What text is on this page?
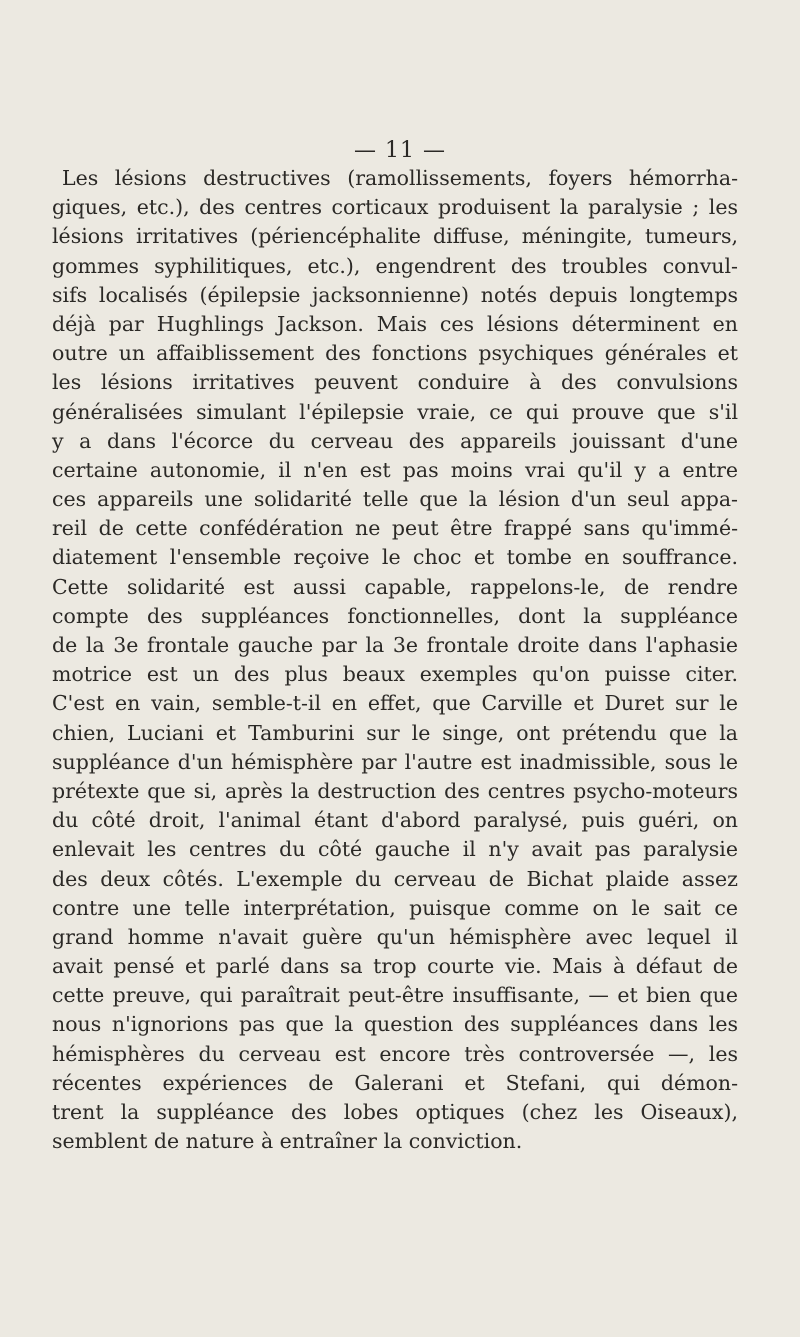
— 11 —
Les lésions destructives (ramollissements, foyers hémorrha-
giques, etc.), des centres corticaux produisent la paralysie ; les
lésions irritatives (périencéphalite diffuse, méningite, tumeurs,
gommes syphilitiques, etc.), engendrent des troubles convul-
sifs localisés (épilepsie jacksonnienne) notés depuis longtemps
déjà par Hughlings Jackson. Mais ces lésions déterminent en
outre un affaiblissement des fonctions psychiques générales et
les lésions irritatives peuvent conduire à des convulsions
généralisées simulant l'épilepsie vraie, ce qui prouve que s'il
y a dans l'écorce du cerveau des appareils jouissant d'une
certaine autonomie, il n'en est pas moins vrai qu'il y a entre
ces appareils une solidarité telle que la lésion d'un seul appa-
reil de cette confédération ne peut être frappé sans qu'immé-
diatement l'ensemble reçoive le choc et tombe en souffrance.
Cette solidarité est aussi capable, rappelons-le, de rendre
compte des suppléances fonctionnelles, dont la suppléance
de la 3e frontale gauche par la 3e frontale droite dans l'aphasie
motrice est un des plus beaux exemples qu'on puisse citer.
C'est en vain, semble-t-il en effet, que Carville et Duret sur le
chien, Luciani et Tamburini sur le singe, ont prétendu que la
suppléance d'un hémisphère par l'autre est inadmissible, sous le
prétexte que si, après la destruction des centres psycho-moteurs
du côté droit, l'animal étant d'abord paralysé, puis guéri, on
enlevait les centres du côté gauche il n'y avait pas paralysie
des deux côtés. L'exemple du cerveau de Bichat plaide assez
contre une telle interprétation, puisque comme on le sait ce
grand homme n'avait guère qu'un hémisphère avec lequel il
avait pensé et parlé dans sa trop courte vie. Mais à défaut de
cette preuve, qui paraîtrait peut-être insuffisante, — et bien que
nous n'ignorions pas que la question des suppléances dans les
hémisphères du cerveau est encore très controversée —, les
récentes expériences de Galerani et Stefani, qui démon-
trent la suppléance des lobes optiques (chez les Oiseaux),
semblent de nature à entraîner la conviction.
